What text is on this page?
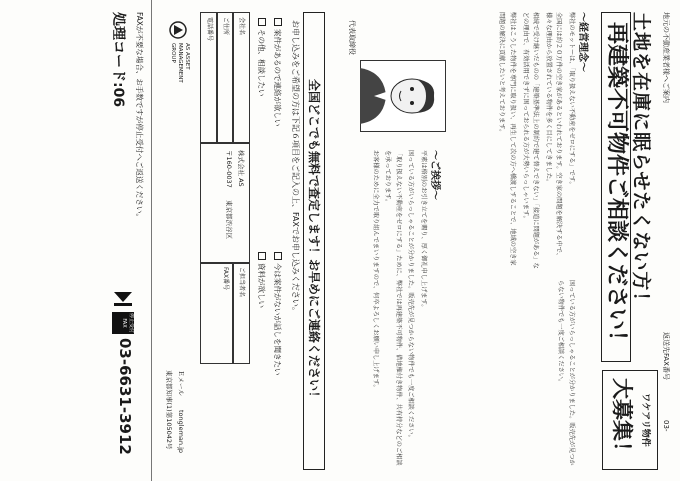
地元の不動産業者様へご案内
返送先FAX番号
03-
土地を在庫に眠らせたくない方！
再建築不可物件ご相談ください！
ワケアリ物件
大募集！
～経営理念～

弊社のモットーは、「取り扱えない不動産をゼロにする」です。

全国には約２０万件の空き家があるといわれております。空き家の問題を解決する中で、様々な理由から放置されている物件を多く目にしてきました。

相続で受け継いだものの「建築基準法上の制約で建て替えできない」「接道に問題がある」などの理由で、有効活用できずに困っておられる方が大勢いらっしゃいます。

弊社はこうした物件を専門に取り扱い、再生して次の方へ橋渡しすることで、地域の空き家問題の解決に貢献したいと考えております。

代表取締役
～ご挨拶～

平素は格別のお引き立てを賜り、厚く御礼申し上げます。

困っている方がいらっしゃることが分かりました。販売先が見つからない物件でも一度ご相談ください。

「取り扱えない不動産をゼロにする」ために、弊社では再建築不可物件、借地権付き物件、共有持分などのご相談を承っております。

お客様のために全力で取り組んでまいりますので、何卒よろしくお願い申し上げます。	困っている方がいらっしゃることが分かりました。販売先が見つからない物件でも一度ご相談ください。

全国どこでも無料で査定します！お早めにご連絡ください！
お申し込みをご希望の方は下記６項目をご記入の上、FAXでお申し込みください。
案件があるので連絡が欲しい
その他、相談したい
今は案件がないが話しを聞きたい
資料が欲しい
会社名
ご住所
電話番号
ご担当者名
FAX番号
株式会社 AS
〒160-0037
東京都渋谷区
AS ASSET
MANAGEMENT
GROUP
Ｅメール
tongleman.jp
東京都知事(1)第105042号
FAXが不要な場合、お手数ですが停止受付へご返送ください。
処理コード:06
停止受付 FAX
03-6631-3912
